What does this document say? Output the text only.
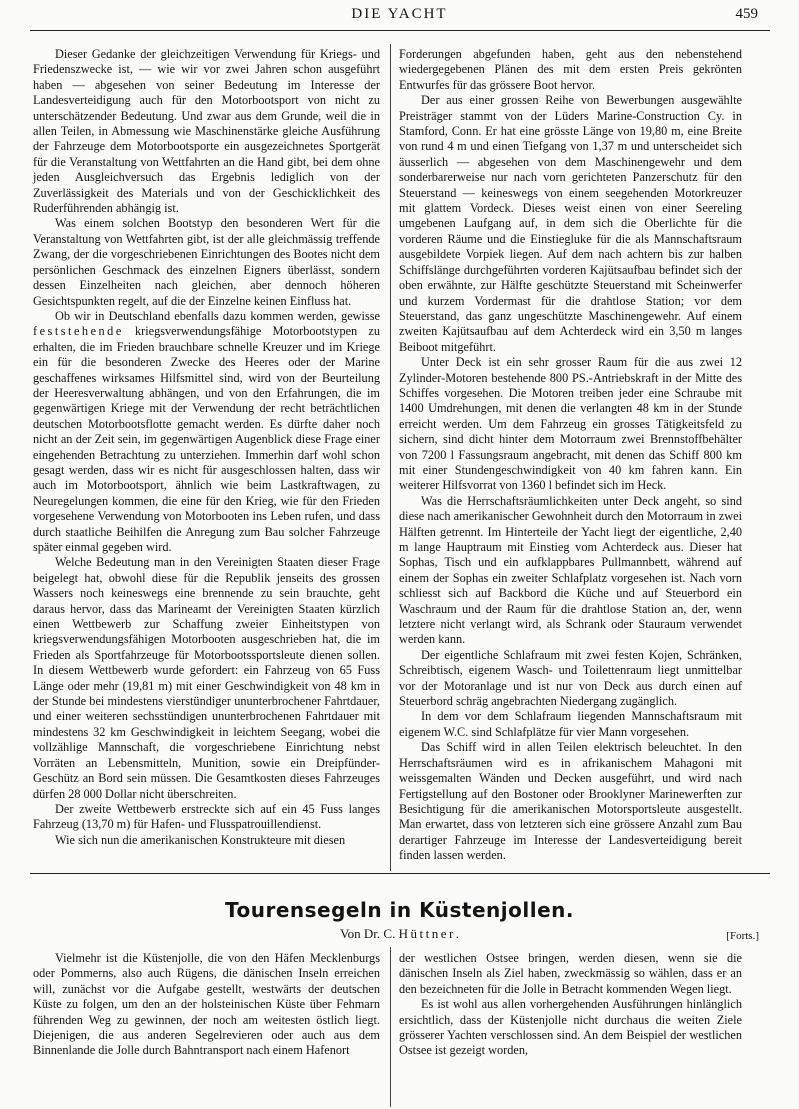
DIE YACHT	459

Dieser Gedanke der gleichzeitigen Verwendung für Kriegs- und Friedenszwecke ist, — wie wir vor zwei Jahren schon ausgeführt haben — abgesehen von seiner Bedeutung im Interesse der Landesverteidigung auch für den Motorbootsport von nicht zu unterschätzender Bedeutung. Und zwar aus dem Grunde, weil die in allen Teilen, in Abmessung wie Maschinenstärke gleiche Ausführung der Fahrzeuge dem Motorbootsporte ein ausgezeichnetes Sportgerät für die Veranstaltung von Wettfahrten an die Hand gibt, bei dem ohne jeden Ausgleichversuch das Ergebnis lediglich von der Zuverlässigkeit des Materials und von der Geschicklichkeit des Ruderführenden abhängig ist.

Was einem solchen Bootstyp den besonderen Wert für die Veranstaltung von Wettfahrten gibt, ist der alle gleichmässig treffende Zwang, der die vorgeschriebenen Einrichtungen des Bootes nicht dem persönlichen Geschmack des einzelnen Eigners überlässt, sondern dessen Einzelheiten nach gleichen, aber dennoch höheren Gesichtspunkten regelt, auf die der Einzelne keinen Einfluss hat.

Ob wir in Deutschland ebenfalls dazu kommen werden, gewisse feststehende kriegsverwendungsfähige Motorbootstypen zu erhalten, die im Frieden brauchbare schnelle Kreuzer und im Kriege ein für die besonderen Zwecke des Heeres oder der Marine geschaffenes wirksames Hilfsmittel sind, wird von der Beurteilung der Heeresverwaltung abhängen, und von den Erfahrungen, die im gegenwärtigen Kriege mit der Verwendung der recht beträchtlichen deutschen Motorbootsflotte gemacht werden. Es dürfte daher noch nicht an der Zeit sein, im gegenwärtigen Augenblick diese Frage einer eingehenden Betrachtung zu unterziehen. Immerhin darf wohl schon gesagt werden, dass wir es nicht für ausgeschlossen halten, dass wir auch im Motorbootsport, ähnlich wie beim Lastkraftwagen, zu Neuregelungen kommen, die eine für den Krieg, wie für den Frieden vorgesehene Verwendung von Motorbooten ins Leben rufen, und dass durch staatliche Beihilfen die Anregung zum Bau solcher Fahrzeuge später einmal gegeben wird.

Welche Bedeutung man in den Vereinigten Staaten dieser Frage beigelegt hat, obwohl diese für die Republik jenseits des grossen Wassers noch keineswegs eine brennende zu sein brauchte, geht daraus hervor, dass das Marineamt der Vereinigten Staaten kürzlich einen Wettbewerb zur Schaffung zweier Einheitstypen von kriegsverwendungsfähigen Motorbooten ausgeschrieben hat, die im Frieden als Sportfahrzeuge für Motorbootssportsleute dienen sollen. In diesem Wettbewerb wurde gefordert: ein Fahrzeug von 65 Fuss Länge oder mehr (19,81 m) mit einer Geschwindigkeit von 48 km in der Stunde bei mindestens vierstündiger ununterbrochener Fahrtdauer, und einer weiteren sechsstündigen ununterbrochenen Fahrtdauer mit mindestens 32 km Geschwindigkeit in leichtem Seegang, wobei die vollzählige Mannschaft, die vorgeschriebene Einrichtung nebst Vorräten an Lebensmitteln, Munition, sowie ein Dreipfünder-Geschütz an Bord sein müssen. Die Gesamtkosten dieses Fahrzeuges dürfen 28 000 Dollar nicht überschreiten.

Der zweite Wettbewerb erstreckte sich auf ein 45 Fuss langes Fahrzeug (13,70 m) für Hafen- und Flusspatrouillendienst.

Wie sich nun die amerikanischen Konstrukteure mit diesen

Forderungen abgefunden haben, geht aus den nebenstehend wiedergegebenen Plänen des mit dem ersten Preis gekrönten Entwurfes für das grössere Boot hervor.

Der aus einer grossen Reihe von Bewerbungen ausgewählte Preisträger stammt von der Lüders Marine-Construction Cy. in Stamford, Conn. Er hat eine grösste Länge von 19,80 m, eine Breite von rund 4 m und einen Tiefgang von 1,37 m und unterscheidet sich äusserlich — abgesehen von dem Maschinengewehr und dem sonderbarerweise nur nach vorn gerichteten Panzerschutz für den Steuerstand — keineswegs von einem seegehenden Motorkreuzer mit glattem Vordeck. Dieses weist einen von einer Seereling umgebenen Laufgang auf, in dem sich die Oberlichte für die vorderen Räume und die Einstiegluke für die als Mannschaftsraum ausgebildete Vorpiek liegen. Auf dem nach achtern bis zur halben Schiffslänge durchgeführten vorderen Kajütsaufbau befindet sich der oben erwähnte, zur Hälfte geschützte Steuerstand mit Scheinwerfer und kurzem Vordermast für die drahtlose Station; vor dem Steuerstand, das ganz ungeschützte Maschinengewehr. Auf einem zweiten Kajütsaufbau auf dem Achterdeck wird ein 3,50 m langes Beiboot mitgeführt.

Unter Deck ist ein sehr grosser Raum für die aus zwei 12 Zylinder-Motoren bestehende 800 PS.-Antriebskraft in der Mitte des Schiffes vorgesehen. Die Motoren treiben jeder eine Schraube mit 1400 Umdrehungen, mit denen die verlangten 48 km in der Stunde erreicht werden. Um dem Fahrzeug ein grosses Tätigkeitsfeld zu sichern, sind dicht hinter dem Motorraum zwei Brennstoffbehälter von 7200 l Fassungsraum angebracht, mit denen das Schiff 800 km mit einer Stundengeschwindigkeit von 40 km fahren kann. Ein weiterer Hilfsvorrat von 1360 l befindet sich im Heck.

Was die Herrschaftsräumlichkeiten unter Deck angeht, so sind diese nach amerikanischer Gewohnheit durch den Motorraum in zwei Hälften getrennt. Im Hinterteile der Yacht liegt der eigentliche, 2,40 m lange Hauptraum mit Einstieg vom Achterdeck aus. Dieser hat Sophas, Tisch und ein aufklappbares Pullmannbett, während auf einem der Sophas ein zweiter Schlafplatz vorgesehen ist. Nach vorn schliesst sich auf Backbord die Küche und auf Steuerbord ein Waschraum und der Raum für die drahtlose Station an, der, wenn letztere nicht verlangt wird, als Schrank oder Stauraum verwendet werden kann.

Der eigentliche Schlafraum mit zwei festen Kojen, Schränken, Schreibtisch, eigenem Wasch- und Toilettenraum liegt unmittelbar vor der Motoranlage und ist nur von Deck aus durch einen auf Steuerbord schräg angebrachten Niedergang zugänglich.

In dem vor dem Schlafraum liegenden Mannschaftsraum mit eigenem W.C. sind Schlafplätze für vier Mann vorgesehen.

Das Schiff wird in allen Teilen elektrisch beleuchtet. In den Herrschaftsräumen wird es in afrikanischem Mahagoni mit weissgemalten Wänden und Decken ausgeführt, und wird nach Fertigstellung auf den Bostoner oder Brooklyner Marinewerften zur Besichtigung für die amerikanischen Motorsportsleute ausgestellt. Man erwartet, dass von letzteren sich eine grössere Anzahl zum Bau derartiger Fahrzeuge im Interesse der Landesverteidigung bereit finden lassen werden.

Tourensegeln in Küstenjollen.
Von Dr. C. Hüttner.	[Forts.]

Vielmehr ist die Küstenjolle, die von den Häfen Mecklenburgs oder Pommerns, also auch Rügens, die dänischen Inseln erreichen will, zunächst vor die Aufgabe gestellt, westwärts der deutschen Küste zu folgen, um den an der holsteinischen Küste über Fehmarn führenden Weg zu gewinnen, der noch am weitesten östlich liegt. Diejenigen, die aus anderen Segelrevieren oder auch aus dem Binnenlande die Jolle durch Bahntransport nach einem Hafenort

der westlichen Ostsee bringen, werden diesen, wenn sie die dänischen Inseln als Ziel haben, zweckmässig so wählen, dass er an den bezeichneten für die Jolle in Betracht kommenden Wegen liegt.

Es ist wohl aus allen vorhergehenden Ausführungen hinlänglich ersichtlich, dass der Küstenjolle nicht durchaus die weiten Ziele grösserer Yachten verschlossen sind. An dem Beispiel der westlichen Ostsee ist gezeigt worden,
